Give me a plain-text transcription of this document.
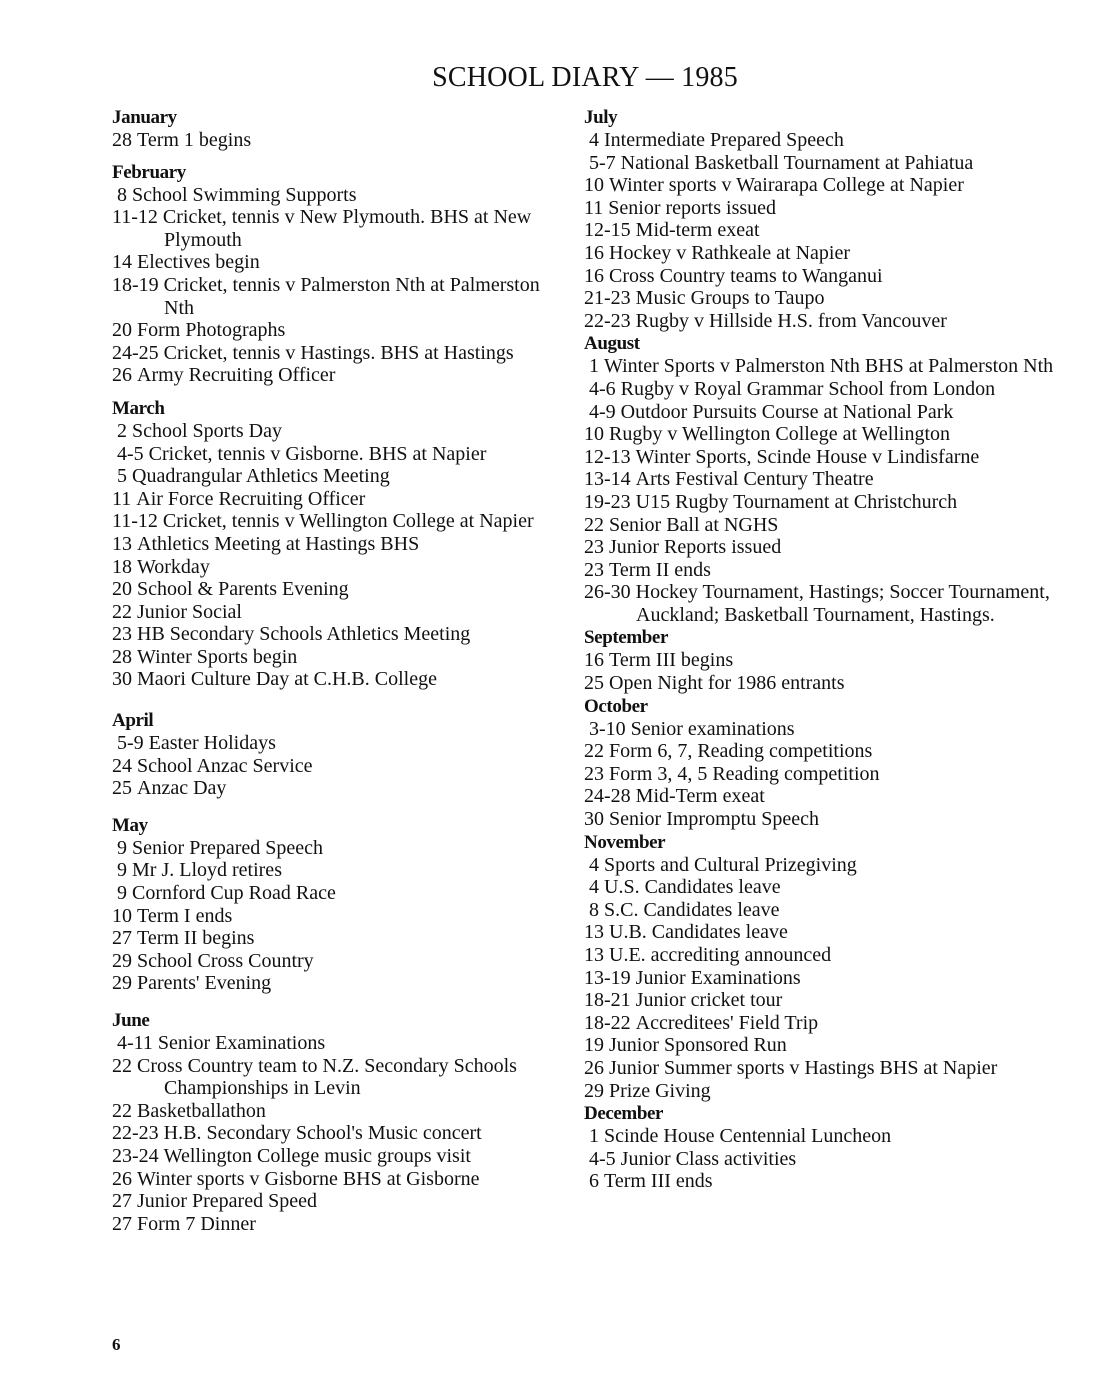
SCHOOL DIARY — 1985
January
28 Term 1 begins
February
8 School Swimming Supports
11-12 Cricket, tennis v New Plymouth. BHS at New Plymouth
14 Electives begin
18-19 Cricket, tennis v Palmerston Nth at Palmerston Nth
20 Form Photographs
24-25 Cricket, tennis v Hastings. BHS at Hastings
26 Army Recruiting Officer
March
2 School Sports Day
4-5 Cricket, tennis v Gisborne. BHS at Napier
5 Quadrangular Athletics Meeting
11 Air Force Recruiting Officer
11-12 Cricket, tennis v Wellington College at Napier
13 Athletics Meeting at Hastings BHS
18 Workday
20 School & Parents Evening
22 Junior Social
23 HB Secondary Schools Athletics Meeting
28 Winter Sports begin
30 Maori Culture Day at C.H.B. College
April
5-9 Easter Holidays
24 School Anzac Service
25 Anzac Day
May
9 Senior Prepared Speech
9 Mr J. Lloyd retires
9 Cornford Cup Road Race
10 Term I ends
27 Term II begins
29 School Cross Country
29 Parents' Evening
June
4-11 Senior Examinations
22 Cross Country team to N.Z. Secondary Schools Championships in Levin
22 Basketballathon
22-23 H.B. Secondary School's Music concert
23-24 Wellington College music groups visit
26 Winter sports v Gisborne BHS at Gisborne
27 Junior Prepared Speed
27 Form 7 Dinner
July
4 Intermediate Prepared Speech
5-7 National Basketball Tournament at Pahiatua
10 Winter sports v Wairarapa College at Napier
11 Senior reports issued
12-15 Mid-term exeat
16 Hockey v Rathkeale at Napier
16 Cross Country teams to Wanganui
21-23 Music Groups to Taupo
22-23 Rugby v Hillside H.S. from Vancouver
August
1 Winter Sports v Palmerston Nth BHS at Palmerston Nth
4-6 Rugby v Royal Grammar School from London
4-9 Outdoor Pursuits Course at National Park
10 Rugby v Wellington College at Wellington
12-13 Winter Sports, Scinde House v Lindisfarne
13-14 Arts Festival Century Theatre
19-23 U15 Rugby Tournament at Christchurch
22 Senior Ball at NGHS
23 Junior Reports issued
23 Term II ends
26-30 Hockey Tournament, Hastings; Soccer Tournament, Auckland; Basketball Tournament, Hastings.
September
16 Term III begins
25 Open Night for 1986 entrants
October
3-10 Senior examinations
22 Form 6, 7, Reading competitions
23 Form 3, 4, 5 Reading competition
24-28 Mid-Term exeat
30 Senior Impromptu Speech
November
4 Sports and Cultural Prizegiving
4 U.S. Candidates leave
8 S.C. Candidates leave
13 U.B. Candidates leave
13 U.E. accrediting announced
13-19 Junior Examinations
18-21 Junior cricket tour
18-22 Accreditees' Field Trip
19 Junior Sponsored Run
26 Junior Summer sports v Hastings BHS at Napier
29 Prize Giving
December
1 Scinde House Centennial Luncheon
4-5 Junior Class activities
6 Term III ends
6
